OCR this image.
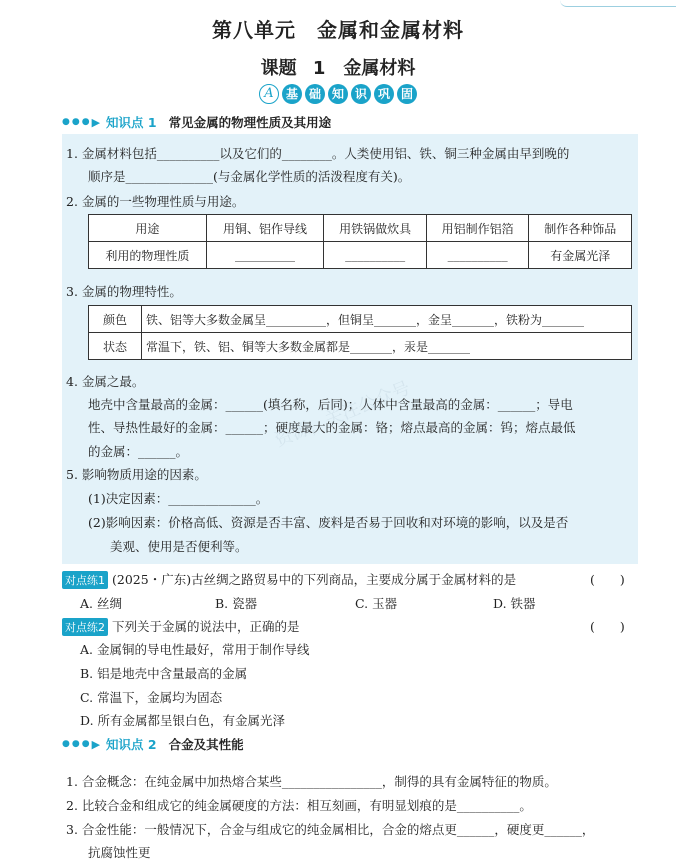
第八单元　金属和金属材料
课题 1　金属材料
A	基 础 知 识 巩 固
●●● ▶ 知识点 1 常见金属的物理性质及其用途
1. 金属材料包括__________以及它们的________。人类使用铝、铁、铜三种金属由早到晚的
顺序是______________(与金属化学性质的活泼程度有关)。
2. 金属的一些物理性质与用途。
用途	用铜、铝作导线	用铁锅做炊具	用铝制作铝箔	制作各种饰品
利用的物理性质	__________	__________	__________	有金属光泽
3. 金属的物理特性。
颜色	铁、铝等大多数金属呈__________，但铜呈_______，金呈_______，铁粉为_______
状态	常温下，铁、铝、铜等大多数金属都是_______，汞是_______
4. 金属之最。
地壳中含量最高的金属：______(填名称，后同)；人体中含量最高的金属：______；导电
性、导热性最好的金属：______；硬度最大的金属：铬；熔点最高的金属：钨；熔点最低
的金属：______。
资源，关注公众号
5. 影响物质用途的因素。
(1)决定因素：______________。
(2)影响因素：价格高低、资源是否丰富、废料是否易于回收和对环境的影响，以及是否
美观、使用是否便利等。
对点练1 (2025・广东)古丝绸之路贸易中的下列商品，主要成分属于金属材料的是	(　　)
A. 丝绸	B. 瓷器	C. 玉器	D. 铁器
对点练2 下列关于金属的说法中，正确的是	(　　)
A. 金属铜的导电性最好，常用于制作导线
B. 铝是地壳中含量最高的金属
C. 常温下，金属均为固态
D. 所有金属都呈银白色，有金属光泽
●●● ▶ 知识点 2 合金及其性能
1. 合金概念：在纯金属中加热熔合某些________________，制得的具有金属特征的物质。
2. 比较合金和组成它的纯金属硬度的方法：相互刻画，有明显划痕的是__________。
3. 合金性能：一般情况下，合金与组成它的纯金属相比，合金的熔点更______，硬度更______，
抗腐蚀性更
